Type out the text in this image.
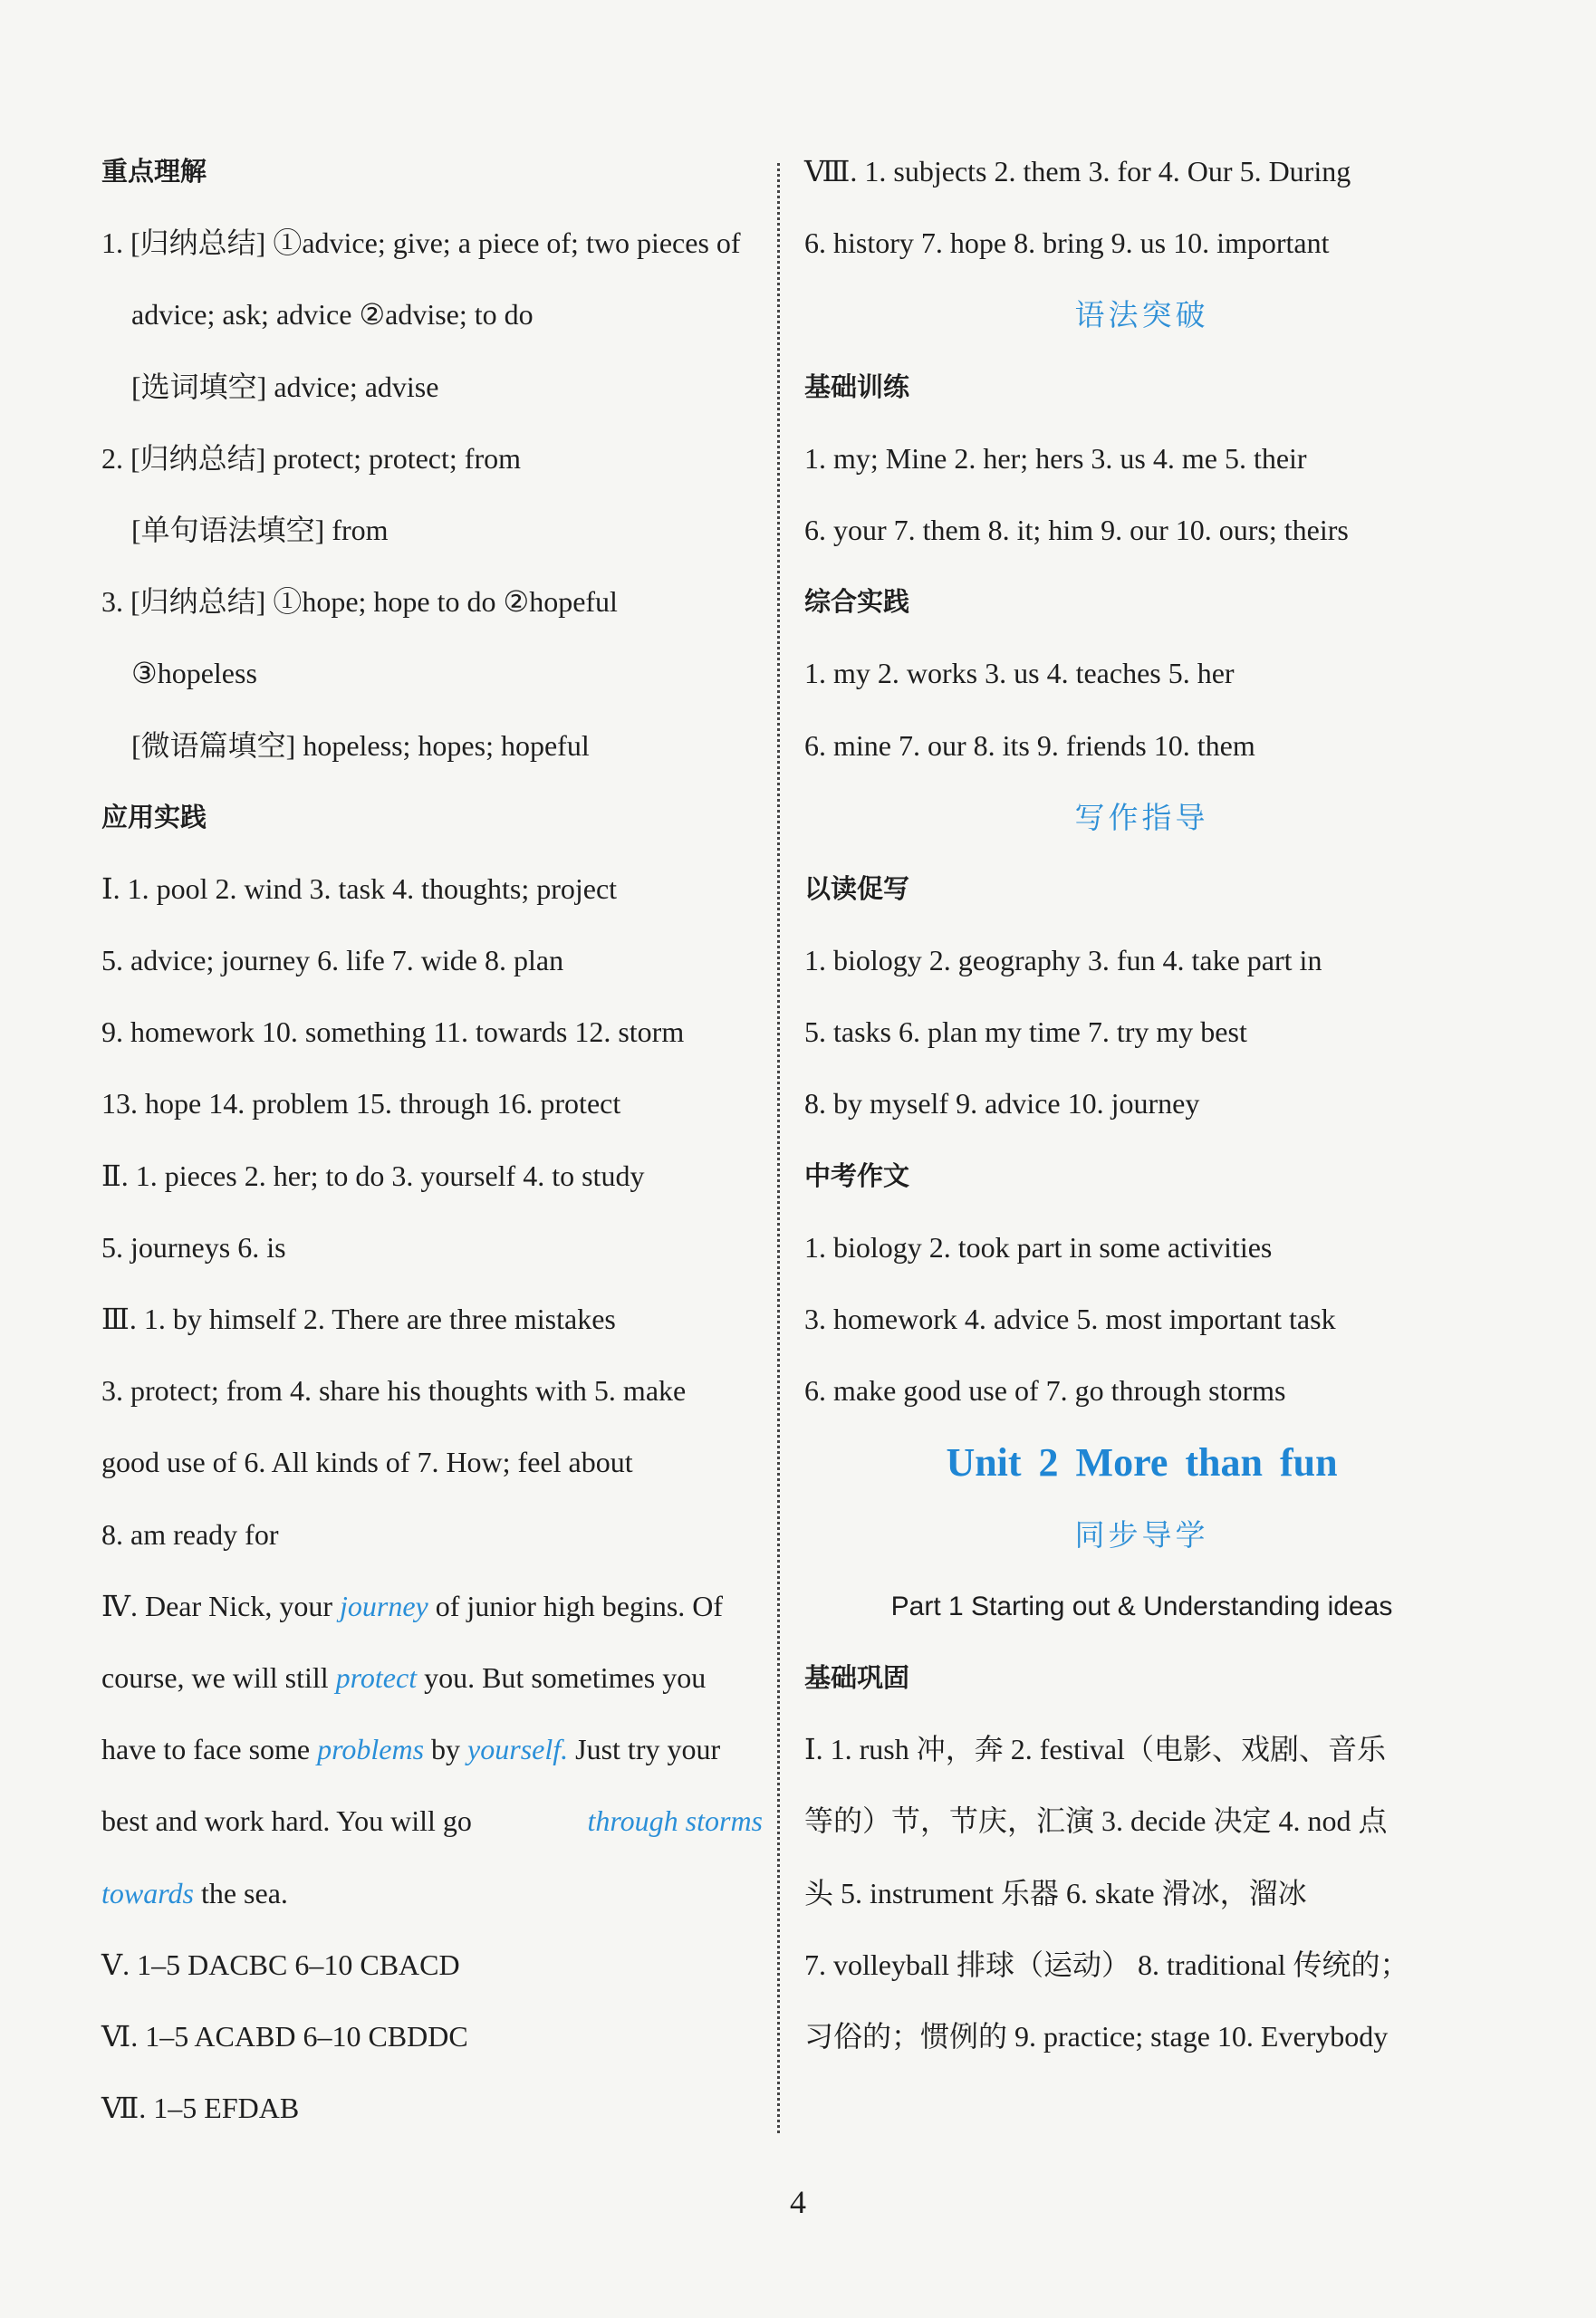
重点理解
1. [归纳总结] ①advice; give; a piece of; two pieces of
advice; ask; advice ②advise; to do
[选词填空] advice; advise
2. [归纳总结] protect; protect; from
[单句语法填空] from
3. [归纳总结] ①hope; hope to do ②hopeful
③hopeless
[微语篇填空] hopeless; hopes; hopeful
应用实践
Ⅰ. 1. pool 2. wind 3. task 4. thoughts; project
5. advice; journey 6. life 7. wide 8. plan
9. homework 10. something 11. towards 12. storm
13. hope 14. problem 15. through 16. protect
Ⅱ. 1. pieces 2. her; to do 3. yourself 4. to study
5. journeys 6. is
Ⅲ. 1. by himself 2. There are three mistakes
3. protect; from 4. share his thoughts with 5. make
good use of 6. All kinds of 7. How; feel about
8. am ready for
Ⅳ. Dear Nick, your journey of junior high begins. Of
course, we will still protect you. But sometimes you
have to face some problems by yourself. Just try your
best and work hard. You will go	through storms
towards the sea.
Ⅴ. 1–5 DACBC 6–10 CBACD
Ⅵ. 1–5 ACABD 6–10 CBDDC
Ⅶ. 1–5 EFDAB
Ⅷ. 1. subjects 2. them 3. for 4. Our 5. During
6. history 7. hope 8. bring 9. us 10. important
语法突破
基础训练
1. my; Mine 2. her; hers 3. us 4. me 5. their
6. your 7. them 8. it; him 9. our 10. ours; theirs
综合实践
1. my 2. works 3. us 4. teaches 5. her
6. mine 7. our 8. its 9. friends 10. them
写作指导
以读促写
1. biology 2. geography 3. fun 4. take part in
5. tasks 6. plan my time 7. try my best
8. by myself 9. advice 10. journey
中考作文
1. biology 2. took part in some activities
3. homework 4. advice 5. most important task
6. make good use of 7. go through storms
Unit 2 More than fun
同步导学
Part 1 Starting out & Understanding ideas
基础巩固
Ⅰ. 1. rush 冲，奔 2. festival（电影、戏剧、音乐
等的）节，节庆，汇演 3. decide 决定 4. nod 点
头 5. instrument 乐器 6. skate 滑冰，溜冰
7. volleyball 排球（运动） 8. traditional 传统的；
习俗的；惯例的 9. practice; stage 10. Everybody
4
